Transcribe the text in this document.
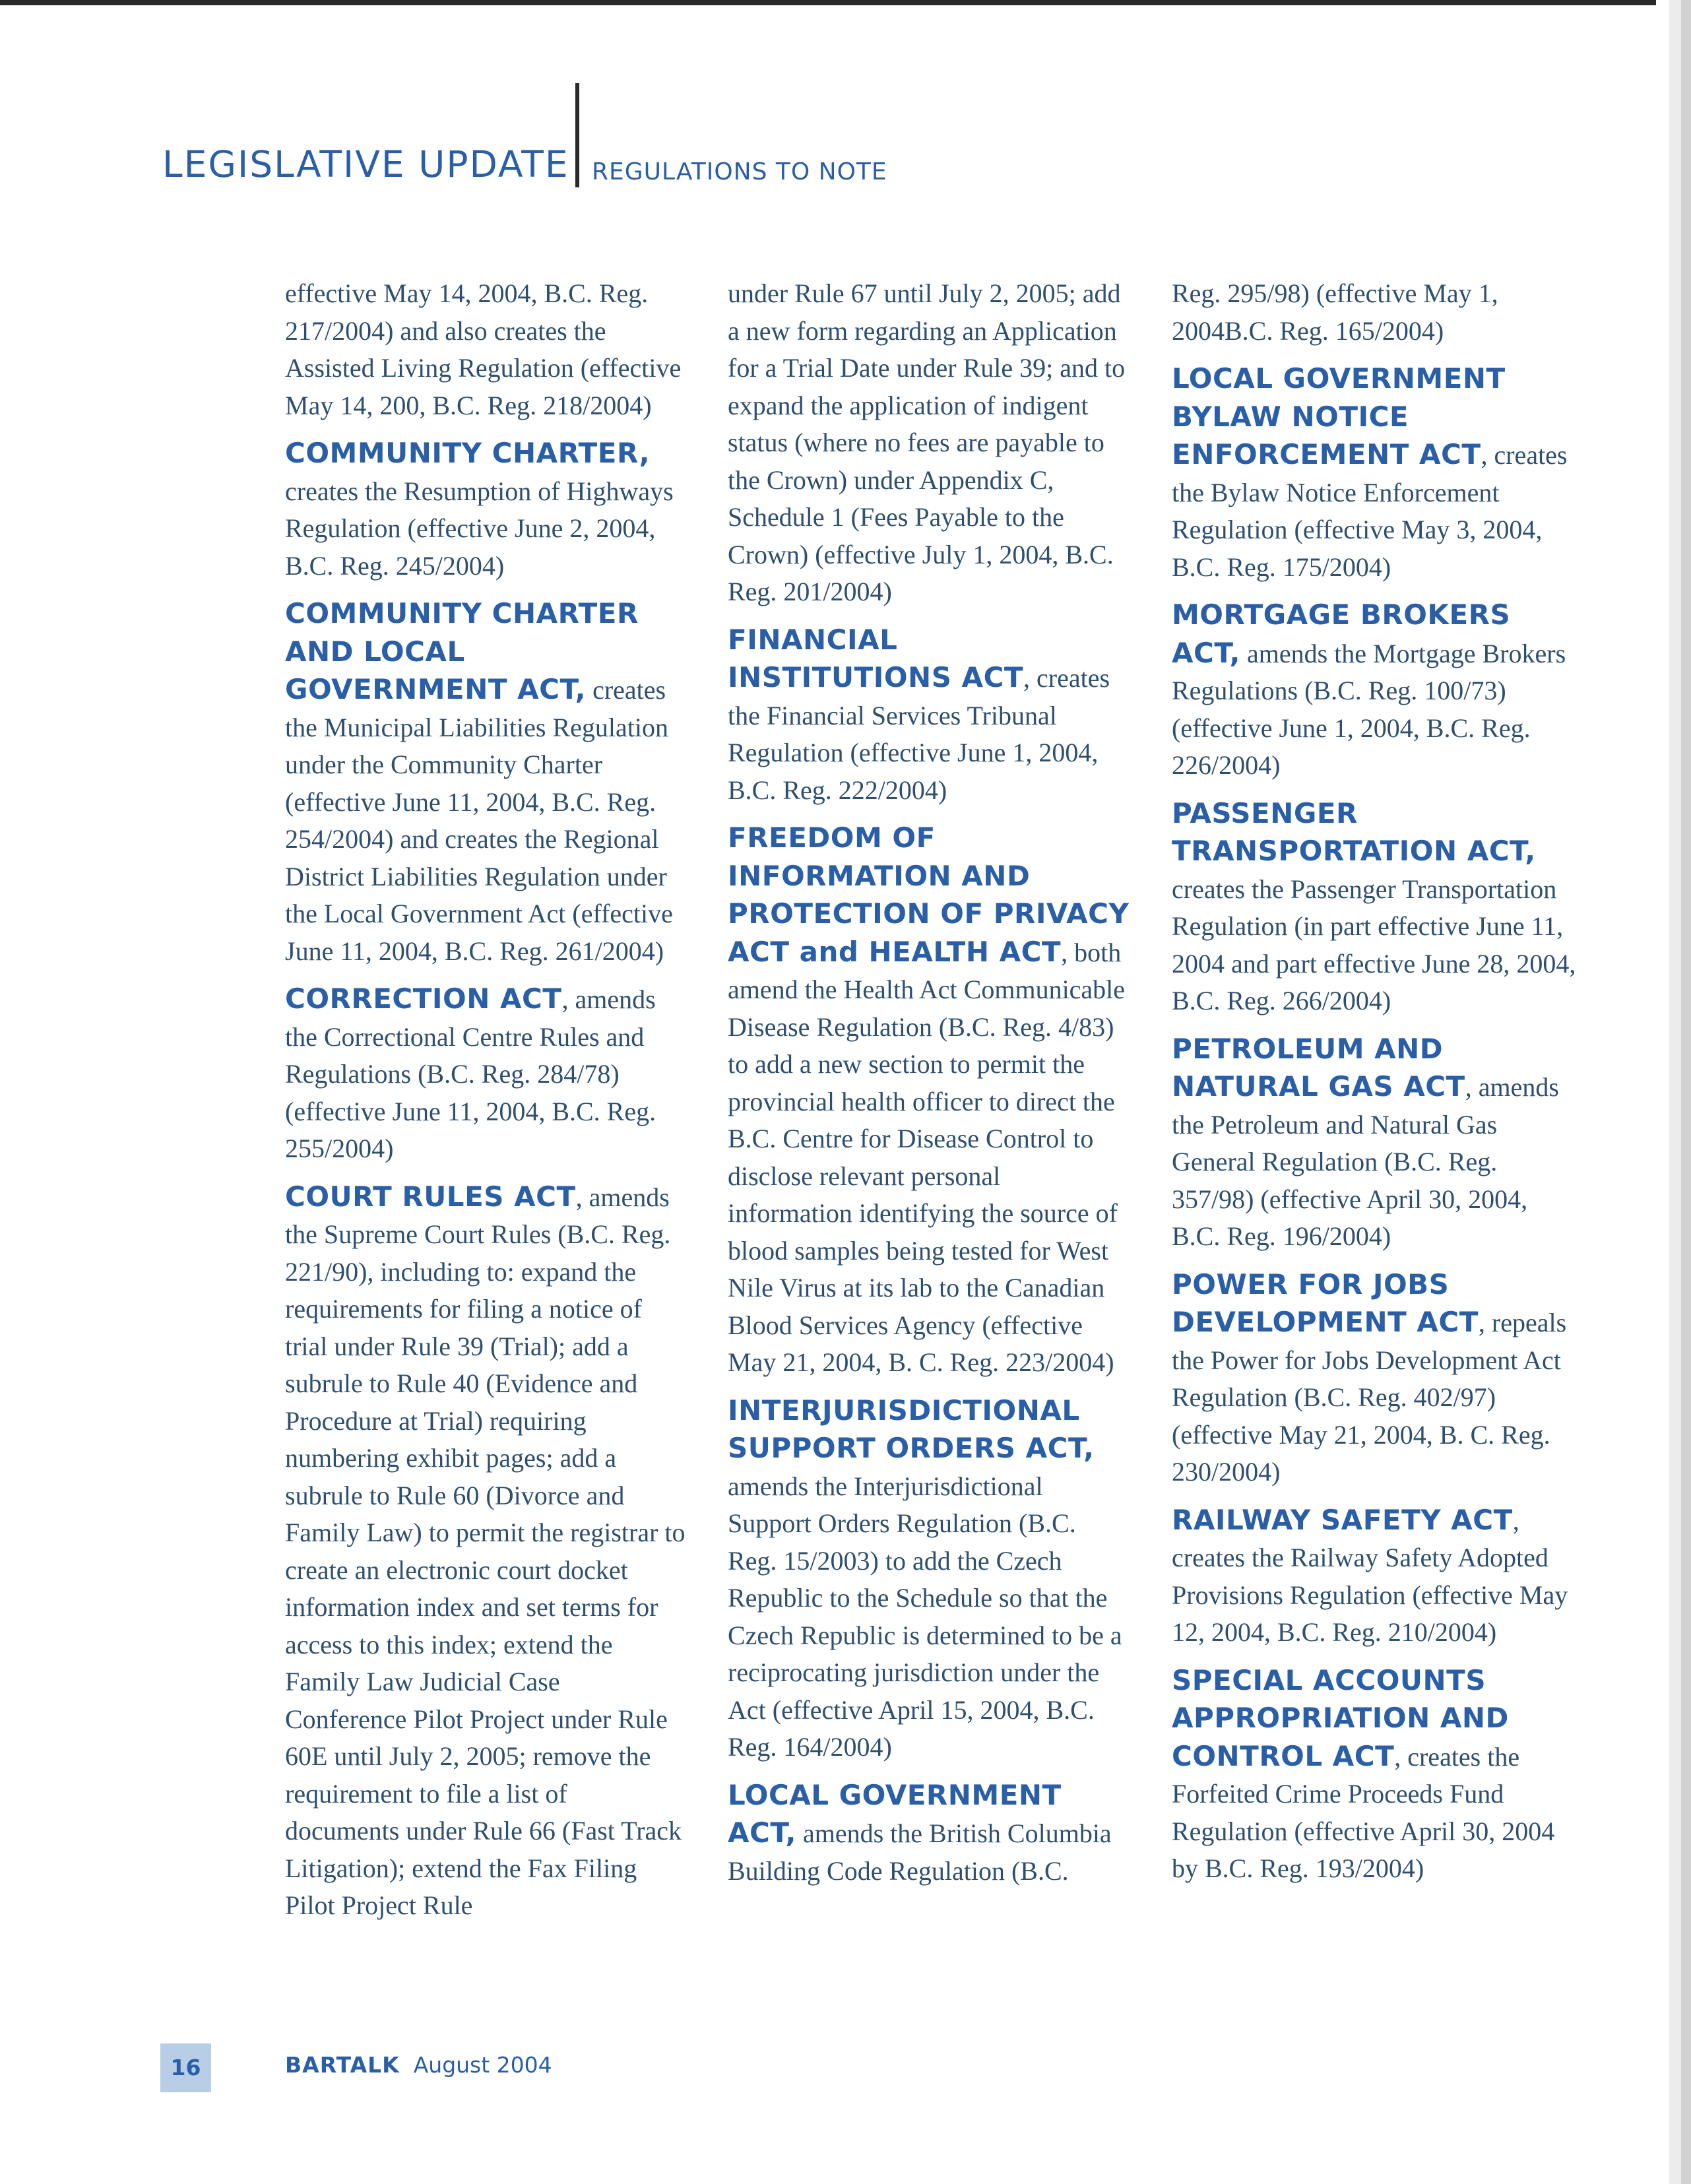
LEGISLATIVE UPDATE REGULATIONS TO NOTE

effective May 14, 2004, B.C. Reg. 217/2004) and also creates the Assisted Living Regulation (effective May 14, 200, B.C. Reg. 218/2004)

COMMUNITY CHARTER, creates the Resumption of Highways Regulation (effective June 2, 2004, B.C. Reg. 245/2004)

COMMUNITY CHARTER AND LOCAL GOVERNMENT ACT, creates the Municipal Liabilities Regulation under the Community Charter (effective June 11, 2004, B.C. Reg. 254/2004) and creates the Regional District Liabilities Regulation under the Local Government Act (effective June 11, 2004, B.C. Reg. 261/2004)

CORRECTION ACT, amends the Correctional Centre Rules and Regulations (B.C. Reg. 284/78) (effective June 11, 2004, B.C. Reg. 255/2004)

COURT RULES ACT, amends the Supreme Court Rules (B.C. Reg. 221/90), including to: expand the requirements for filing a notice of trial under Rule 39 (Trial); add a subrule to Rule 40 (Evidence and Procedure at Trial) requiring numbering exhibit pages; add a subrule to Rule 60 (Divorce and Family Law) to permit the registrar to create an electronic court docket information index and set terms for access to this index; extend the Family Law Judicial Case Conference Pilot Project under Rule 60E until July 2, 2005; remove the requirement to file a list of documents under Rule 66 (Fast Track Litigation); extend the Fax Filing Pilot Project Rule

under Rule 67 until July 2, 2005; add a new form regarding an Application for a Trial Date under Rule 39; and to expand the application of indigent status (where no fees are payable to the Crown) under Appendix C, Schedule 1 (Fees Payable to the Crown) (effective July 1, 2004, B.C. Reg. 201/2004)

FINANCIAL INSTITUTIONS ACT, creates the Financial Services Tribunal Regulation (effective June 1, 2004, B.C. Reg. 222/2004)

FREEDOM OF INFORMATION AND PROTECTION OF PRIVACY ACT and HEALTH ACT, both amend the Health Act Communicable Disease Regulation (B.C. Reg. 4/83) to add a new section to permit the provincial health officer to direct the B.C. Centre for Disease Control to disclose relevant personal information identifying the source of blood samples being tested for West Nile Virus at its lab to the Canadian Blood Services Agency (effective May 21, 2004, B. C. Reg. 223/2004)

INTERJURISDICTIONAL SUPPORT ORDERS ACT, amends the Interjurisdictional Support Orders Regulation (B.C. Reg. 15/2003) to add the Czech Republic to the Schedule so that the Czech Republic is determined to be a reciprocating jurisdiction under the Act (effective April 15, 2004, B.C. Reg. 164/2004)

LOCAL GOVERNMENT ACT, amends the British Columbia Building Code Regulation (B.C.

Reg. 295/98) (effective May 1, 2004B.C. Reg. 165/2004)

LOCAL GOVERNMENT BYLAW NOTICE ENFORCEMENT ACT, creates the Bylaw Notice Enforcement Regulation (effective May 3, 2004, B.C. Reg. 175/2004)

MORTGAGE BROKERS ACT, amends the Mortgage Brokers Regulations (B.C. Reg. 100/73) (effective June 1, 2004, B.C. Reg. 226/2004)

PASSENGER TRANSPORTATION ACT, creates the Passenger Transportation Regulation (in part effective June 11, 2004 and part effective June 28, 2004, B.C. Reg. 266/2004)

PETROLEUM AND NATURAL GAS ACT, amends the Petroleum and Natural Gas General Regulation (B.C. Reg. 357/98) (effective April 30, 2004, B.C. Reg. 196/2004)

POWER FOR JOBS DEVELOPMENT ACT, repeals the Power for Jobs Development Act Regulation (B.C. Reg. 402/97) (effective May 21, 2004, B. C. Reg. 230/2004)

RAILWAY SAFETY ACT, creates the Railway Safety Adopted Provisions Regulation (effective May 12, 2004, B.C. Reg. 210/2004)

SPECIAL ACCOUNTS APPROPRIATION AND CONTROL ACT, creates the Forfeited Crime Proceeds Fund Regulation (effective April 30, 2004 by B.C. Reg. 193/2004)

16	BARTALK August 2004
